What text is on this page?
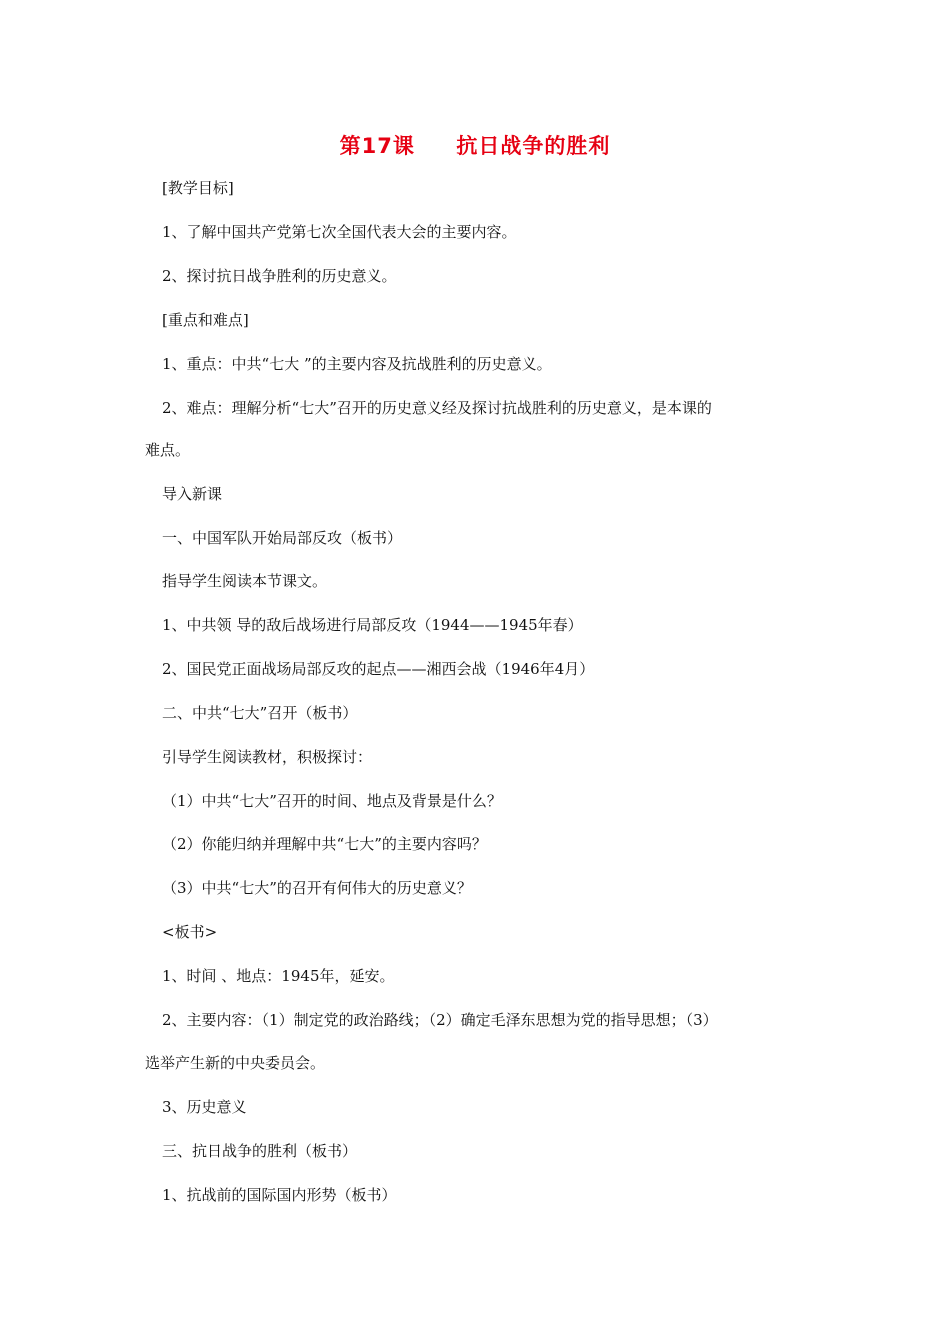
第17课     抗日战争的胜利
[教学目标]
1、了解中国共产党第七次全国代表大会的主要内容。
2、探讨抗日战争胜利的历史意义。
[重点和难点]
1、重点：中共“七大 ”的主要内容及抗战胜利的历史意义。
2、难点：理解分析“七大”召开的历史意义经及探讨抗战胜利的历史意义，是本课的
难点。
导入新课
一、中国军队开始局部反攻（板书）
指导学生阅读本节课文。
1、中共领 导的敌后战场进行局部反攻（1944——1945年春）
2、国民党正面战场局部反攻的起点——湘西会战（1946年4月）
二、中共“七大”召开（板书）
引导学生阅读教材，积极探讨：
（1）中共“七大”召开的时间、地点及背景是什么？
（2）你能归纳并理解中共“七大”的主要内容吗？
（3）中共“七大”的召开有何伟大的历史意义？
<板书>
1、时间 、地点：1945年，延安。
2、主要内容：（1）制定党的政治路线；（2）确定毛泽东思想为党的指导思想；（3）
选举产生新的中央委员会。
3、历史意义
三、抗日战争的胜利（板书）
1、抗战前的国际国内形势（板书）
